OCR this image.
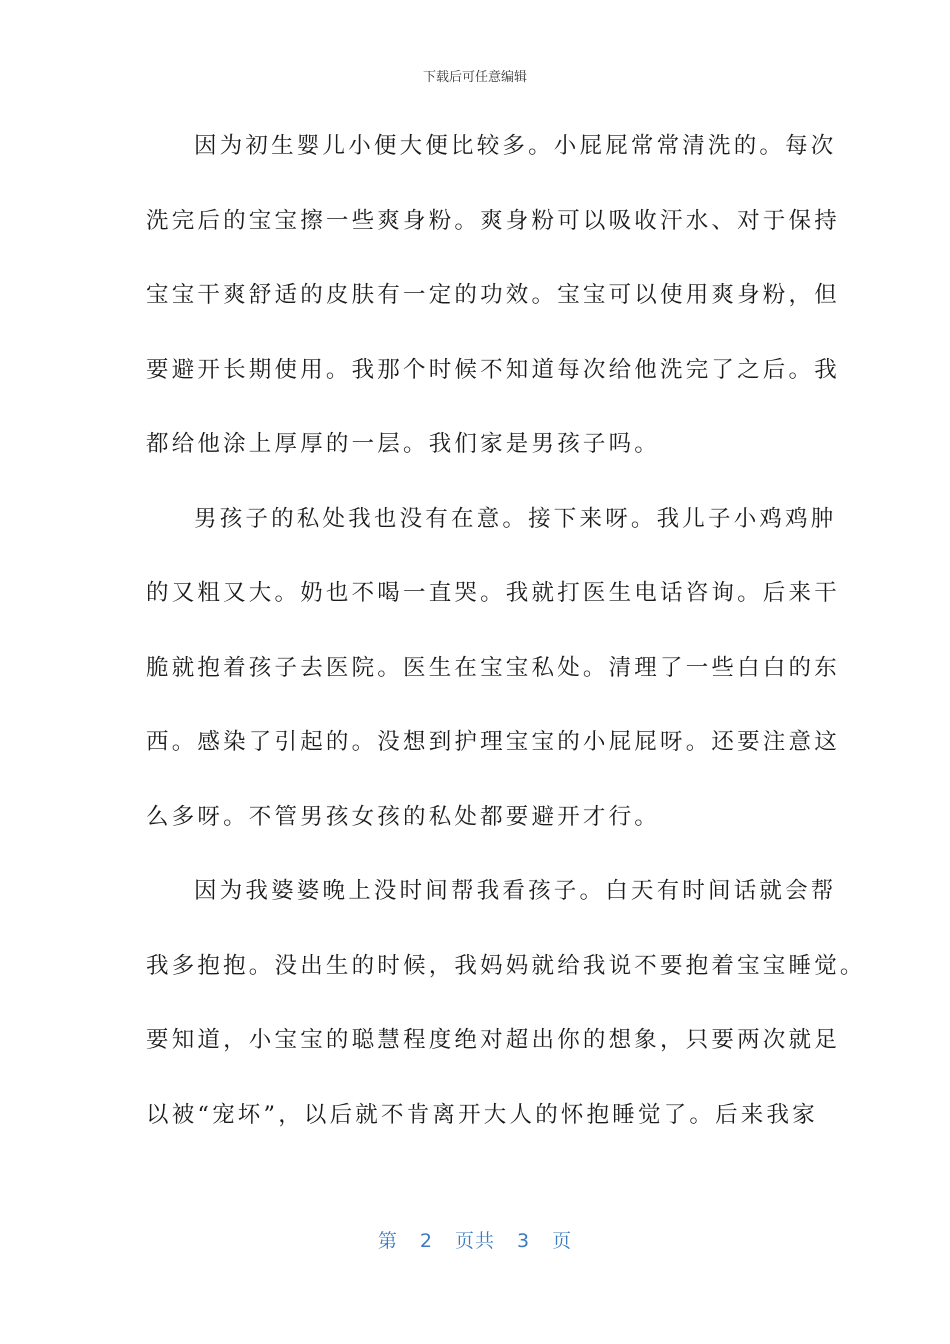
下载后可任意编辑
因为初生婴儿小便大便比较多。小屁屁常常清洗的。每次
洗完后的宝宝擦一些爽身粉。爽身粉可以吸收汗水、对于保持
宝宝干爽舒适的皮肤有一定的功效。宝宝可以使用爽身粉，但
要避开长期使用。我那个时候不知道每次给他洗完了之后。我
都给他涂上厚厚的一层。我们家是男孩子吗。
男孩子的私处我也没有在意。接下来呀。我儿子小鸡鸡肿
的又粗又大。奶也不喝一直哭。我就打医生电话咨询。后来干
脆就抱着孩子去医院。医生在宝宝私处。清理了一些白白的东
西。感染了引起的。没想到护理宝宝的小屁屁呀。还要注意这
么多呀。不管男孩女孩的私处都要避开才行。
因为我婆婆晚上没时间帮我看孩子。白天有时间话就会帮
我多抱抱。没出生的时候，我妈妈就给我说不要抱着宝宝睡觉。
要知道，小宝宝的聪慧程度绝对超出你的想象，只要两次就足
以被“宠坏”，以后就不肯离开大人的怀抱睡觉了。后来我家
第 2 页共 3 页
